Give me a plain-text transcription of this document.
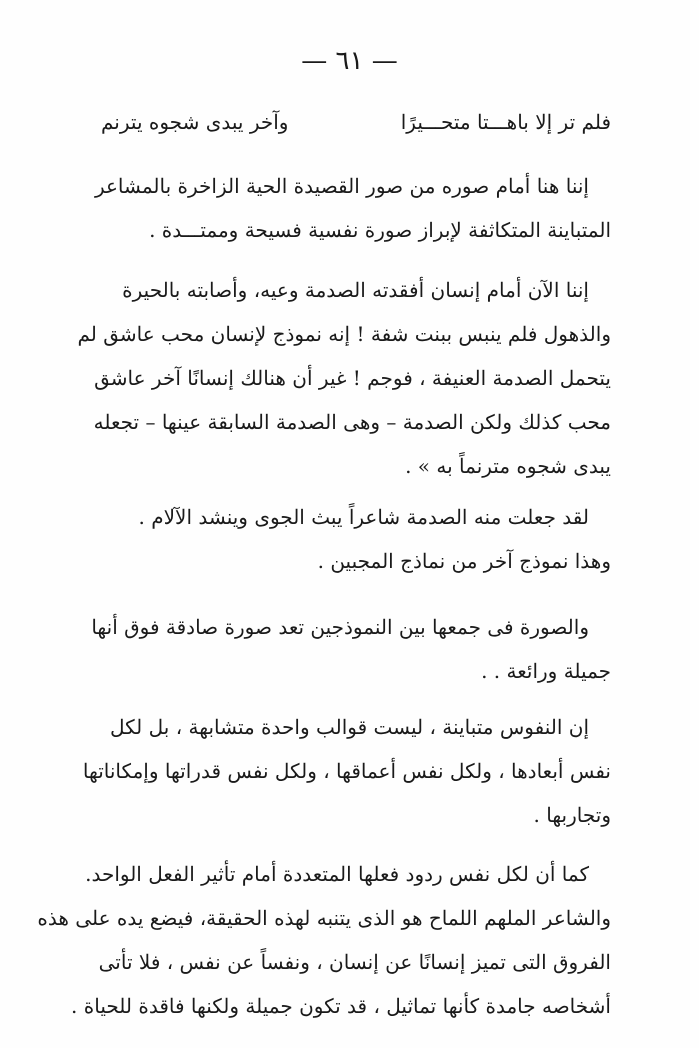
— ٦١ —
فلم تر إلا باهـــتا متحـــيرًا
وآخر يبدى شجوه يترنم

إننا هنا أمام صوره من صور القصيدة الحية الزاخرة بالمشاعر
المتباينة المتكاثفة لإبراز صورة نفسية فسيحة وممتـــدة .

إننا الآن أمام إنسان أفقدته الصدمة وعيه، وأصابته بالحيرة
والذهول فلم ينبس ببنت شفة ! إنه نموذج لإنسان محب عاشق لم
يتحمل الصدمة العنيفة ، فوجم ! غير أن هنالك إنسانًا آخر عاشق
محب كذلك ولكن الصدمة – وهى الصدمة السابقة عينها – تجعله
يبدى شجوه مترنماً به » .

لقد جعلت منه الصدمة شاعراً يبث الجوى وينشد الآلام .
وهذا نموذج آخر من نماذج المجبين .

والصورة فى جمعها بين النموذجين تعد صورة صادقة فوق أنها
جميلة ورائعة . .

إن النفوس متباينة ، ليست قوالب واحدة متشابهة ، بل لكل
نفس أبعادها ، ولكل نفس أعماقها ، ولكل نفس قدراتها وإمكاناتها
وتجاربها .

كما أن لكل نفس ردود فعلها المتعددة أمام تأثير الفعل الواحد.
والشاعر الملهم اللماح هو الذى يتنبه لهذه الحقيقة، فيضع يده على هذه
الفروق التى تميز إنسانًا عن إنسان ، ونفساً عن نفس ، فلا تأتى
أشخاصه جامدة كأنها تماثيل ، قد تكون جميلة ولكنها فاقدة للحياة .
